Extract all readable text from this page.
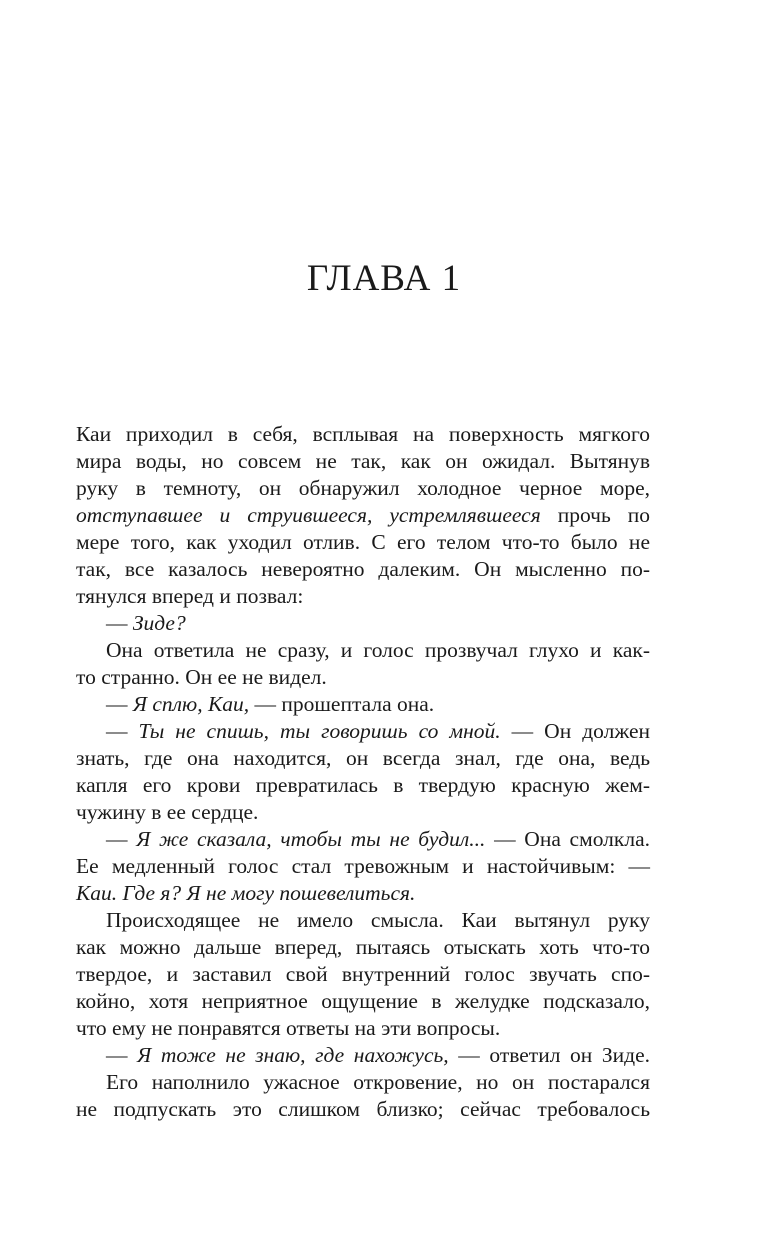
ГЛАВА 1
Каи приходил в себя, всплывая на поверхность мягкого
мира воды, но совсем не так, как он ожидал. Вытянув
руку в темноту, он обнаружил холодное черное море,
отступавшее и струившееся, устремлявшееся прочь по
мере того, как уходил отлив. С его телом что-то было не
так, все казалось невероятно далеким. Он мысленно по-
тянулся вперед и позвал:
— Зиде?
Она ответила не сразу, и голос прозвучал глухо и как-
то странно. Он ее не видел.
— Я сплю, Каи, — прошептала она.
— Ты не спишь, ты говоришь со мной. — Он должен
знать, где она находится, он всегда знал, где она, ведь
капля его крови превратилась в твердую красную жем-
чужину в ее сердце.
— Я же сказала, чтобы ты не будил... — Она смолкла.
Ее медленный голос стал тревожным и настойчивым: —
Каи. Где я? Я не могу пошевелиться.
Происходящее не имело смысла. Каи вытянул руку
как можно дальше вперед, пытаясь отыскать хоть что-то
твердое, и заставил свой внутренний голос звучать спо-
койно, хотя неприятное ощущение в желудке подсказало,
что ему не понравятся ответы на эти вопросы.
— Я тоже не знаю, где нахожусь, — ответил он Зиде.
Его наполнило ужасное откровение, но он постарался
не подпускать это слишком близко; сейчас требовалось
